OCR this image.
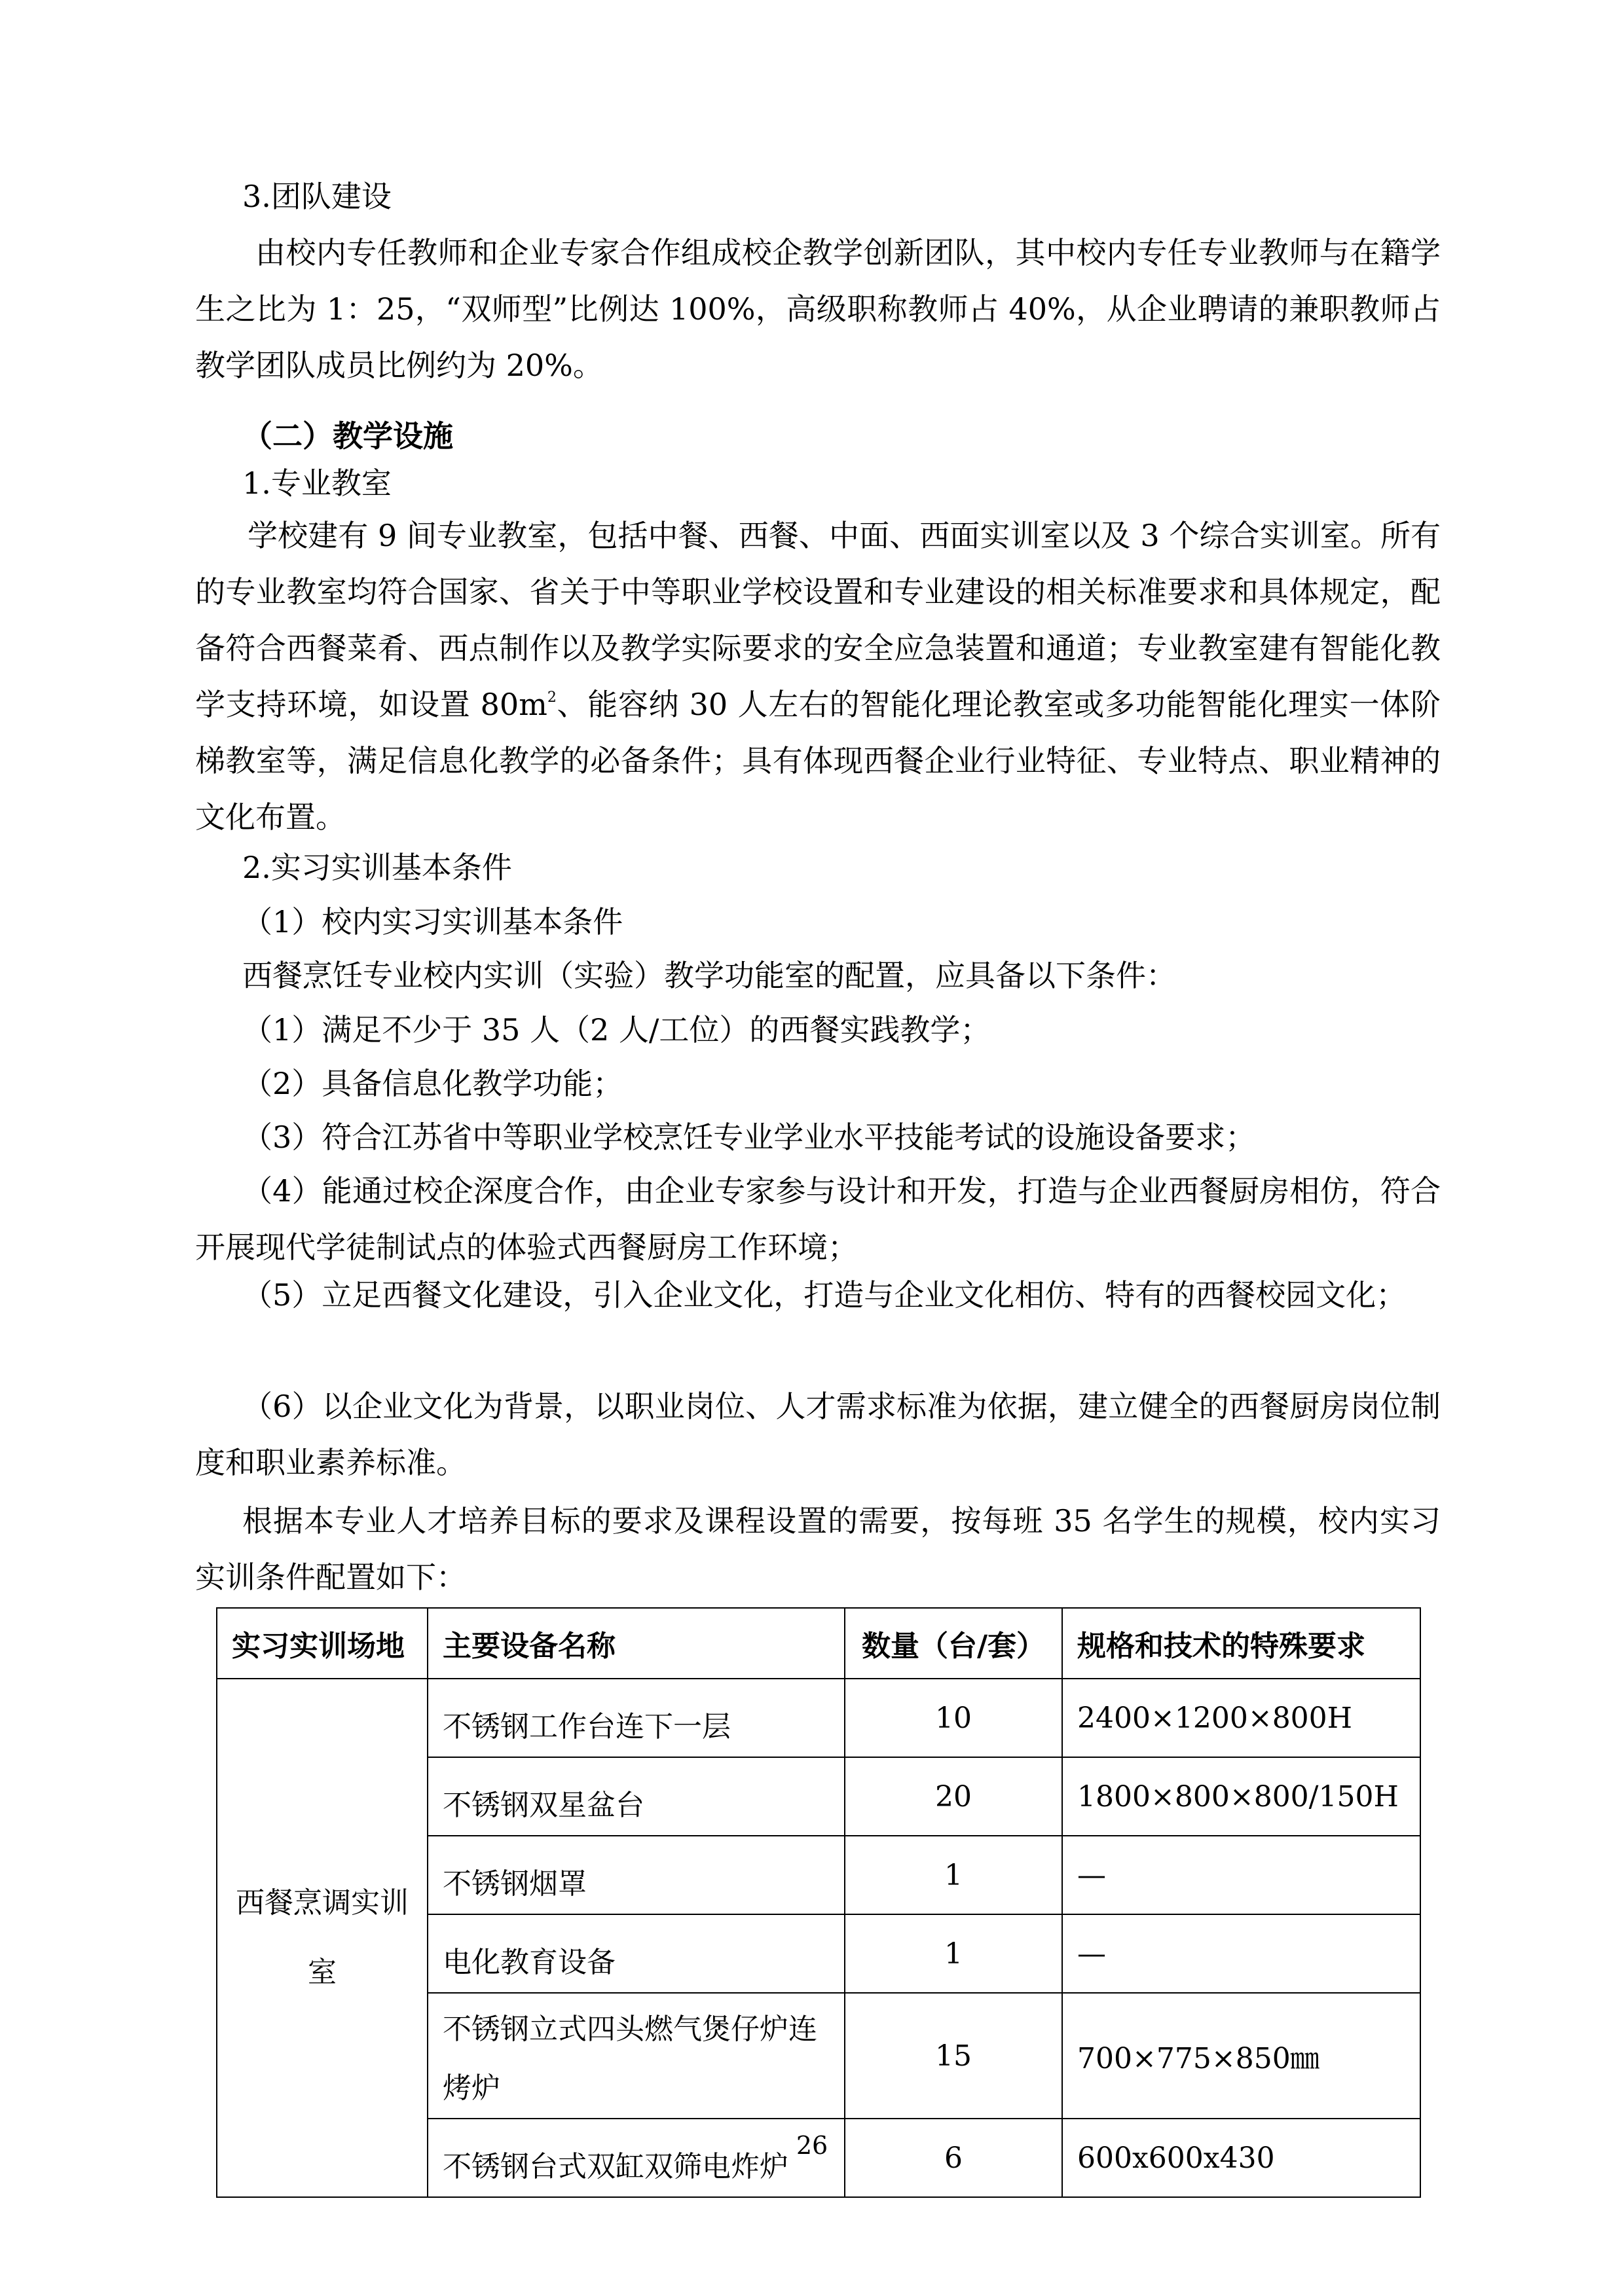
3.团队建设

由校内专任教师和企业专家合作组成校企教学创新团队，其中校内专任专业教师与在籍学生之比为 1：25，“双师型”比例达 100%，高级职称教师占 40%，从企业聘请的兼职教师占教学团队成员比例约为 20%。

（二）教学设施

1.专业教室

学校建有 9 间专业教室，包括中餐、西餐、中面、西面实训室以及 3 个综合实训室。所有的专业教室均符合国家、省关于中等职业学校设置和专业建设的相关标准要求和具体规定，配备符合西餐菜肴、西点制作以及教学实际要求的安全应急装置和通道；专业教室建有智能化教学支持环境，如设置 $80m^2$、能容纳 30 人左右的智能化理论教室或多功能智能化理实一体阶梯教室等，满足信息化教学的必备条件；具有体现西餐企业行业特征、专业特点、职业精神的文化布置。

2.实习实训基本条件

（1）校内实习实训基本条件

西餐烹饪专业校内实训（实验）教学功能室的配置，应具备以下条件：

（1）满足不少于 35 人（2 人/工位）的西餐实践教学；

（2）具备信息化教学功能；

（3）符合江苏省中等职业学校烹饪专业学业水平技能考试的设施设备要求；

（4）能通过校企深度合作，由企业专家参与设计和开发，打造与企业西餐厨房相仿，符合开展现代学徒制试点的体验式西餐厨房工作环境；

（5）立足西餐文化建设，引入企业文化，打造与企业文化相仿、特有的西餐校园文化；

（6）以企业文化为背景，以职业岗位、人才需求标准为依据，建立健全的西餐厨房岗位制度和职业素养标准。

根据本专业人才培养目标的要求及课程设置的需要，按每班 35 名学生的规模，校内实习实训条件配置如下：

实习实训场地	主要设备名称	数量（台/套）	规格和技术的特殊要求
西餐烹调实训室	不锈钢工作台连下一层	10	2400×1200×800H
	不锈钢双星盆台	20	1800×800×800/150H
	不锈钢烟罩	1	—
	电化教育设备	1	—
	不锈钢立式四头燃气煲仔炉连烤炉	15	700×775×850㎜
	不锈钢台式双缸双筛电炸炉	6	600x600x430
26
